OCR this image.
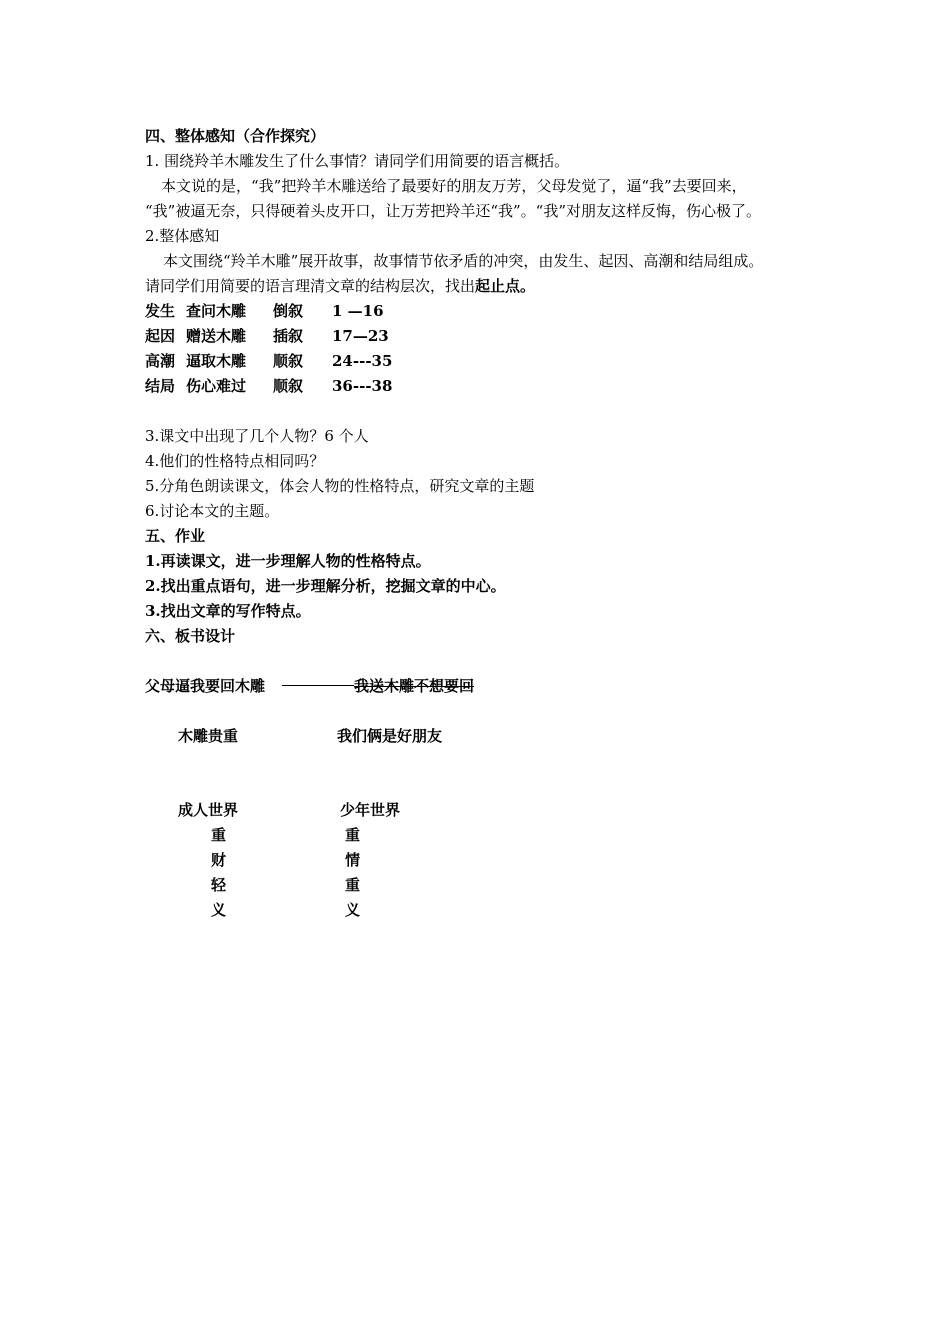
四、整体感知（合作探究）
1. 围绕羚羊木雕发生了什么事情？请同学们用简要的语言概括。
本文说的是，“我”把羚羊木雕送给了最要好的朋友万芳，父母发觉了，逼“我”去要回来，
“我”被逼无奈，只得硬着头皮开口，让万芳把羚羊还“我”。“我”对朋友这样反悔，伤心极了。
2.整体感知
本文围绕“羚羊木雕”展开故事，故事情节依矛盾的冲突，由发生、起因、高潮和结局组成。
请同学们用简要的语言理清文章的结构层次，找出起止点。
发生 查问木雕 倒叙 1 —16
起因 赠送木雕 插叙 17—23
高潮 逼取木雕 顺叙 24---35
结局 伤心难过 顺叙 36---38
3.课文中出现了几个人物？6 个人
4.他们的性格特点相同吗？
5.分角色朗读课文，体会人物的性格特点，研究文章的主题
6.讨论本文的主题。
五、作业
1.再读课文，进一步理解人物的性格特点。
2.找出重点语句，进一步理解分析，挖掘文章的中心。
3.找出文章的写作特点。
六、板书设计
父母逼我要回木雕	我送木雕不想要回
木雕贵重	我们俩是好朋友
成人世界	少年世界
重
财
轻
义
重
情
重
义
